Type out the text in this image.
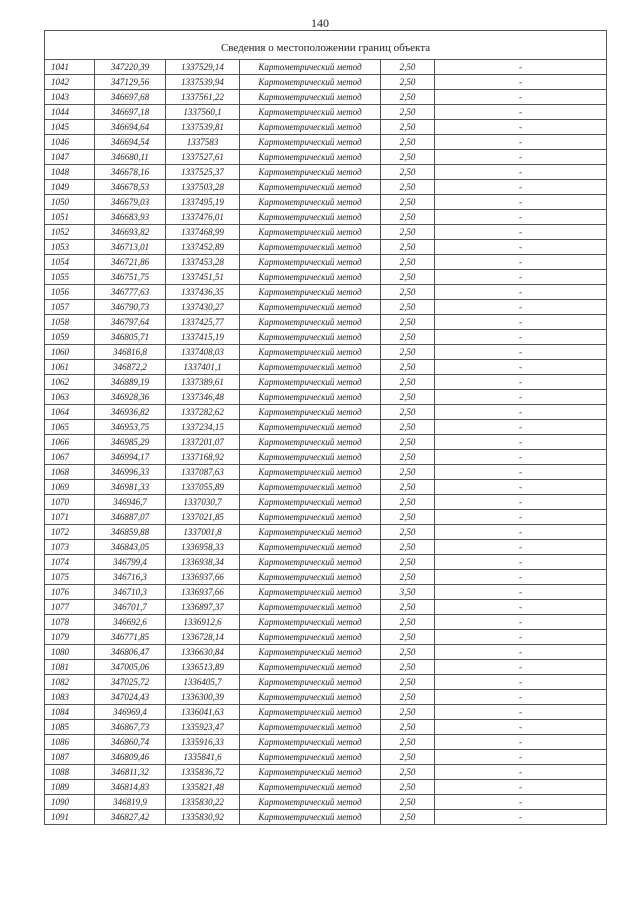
140

Сведения о местоположении границ объекта					
1041	347220,39	1337529,14	Картометрический метод	2,50	-
1042	347129,56	1337539,94	Картометрический метод	2,50	-
1043	346697,68	1337561,22	Картометрический метод	2,50	-
1044	346697,18	1337560,1	Картометрический метод	2,50	-
1045	346694,64	1337539,81	Картометрический метод	2,50	-
1046	346694,54	1337583	Картометрический метод	2,50	-
1047	346680,11	1337527,61	Картометрический метод	2,50	-
1048	346678,16	1337525,37	Картометрический метод	2,50	-
1049	346678,53	1337503,28	Картометрический метод	2,50	-
1050	346679,03	1337495,19	Картометрический метод	2,50	-
1051	346683,93	1337476,01	Картометрический метод	2,50	-
1052	346693,82	1337468,99	Картометрический метод	2,50	-
1053	346713,01	1337452,89	Картометрический метод	2,50	-
1054	346721,86	1337453,28	Картометрический метод	2,50	-
1055	346751,75	1337451,51	Картометрический метод	2,50	-
1056	346777,63	1337436,35	Картометрический метод	2,50	-
1057	346790,73	1337430,27	Картометрический метод	2,50	-
1058	346797,64	1337425,77	Картометрический метод	2,50	-
1059	346805,71	1337415,19	Картометрический метод	2,50	-
1060	346816,8	1337408,03	Картометрический метод	2,50	-
1061	346872,2	1337401,1	Картометрический метод	2,50	-
1062	346889,19	1337389,61	Картометрический метод	2,50	-
1063	346928,36	1337346,48	Картометрический метод	2,50	-
1064	346936,82	1337282,62	Картометрический метод	2,50	-
1065	346953,75	1337234,15	Картометрический метод	2,50	-
1066	346985,29	1337201,07	Картометрический метод	2,50	-
1067	346994,17	1337168,92	Картометрический метод	2,50	-
1068	346996,33	1337087,63	Картометрический метод	2,50	-
1069	346981,33	1337055,89	Картометрический метод	2,50	-
1070	346946,7	1337030,7	Картометрический метод	2,50	-
1071	346887,07	1337021,85	Картометрический метод	2,50	-
1072	346859,88	1337001,8	Картометрический метод	2,50	-
1073	346843,05	1336958,33	Картометрический метод	2,50	-
1074	346799,4	1336938,34	Картометрический метод	2,50	-
1075	346716,3	1336937,66	Картометрический метод	2,50	-
1076	346710,3	1336937,66	Картометрический метод	3,50	-
1077	346701,7	1336897,37	Картометрический метод	2,50	-
1078	346692,6	1336912,6	Картометрический метод	2,50	-
1079	346771,85	1336728,14	Картометрический метод	2,50	-
1080	346806,47	1336630,84	Картометрический метод	2,50	-
1081	347005,06	1336513,89	Картометрический метод	2,50	-
1082	347025,72	1336405,7	Картометрический метод	2,50	-
1083	347024,43	1336300,39	Картометрический метод	2,50	-
1084	346969,4	1336041,63	Картометрический метод	2,50	-
1085	346867,73	1335923,47	Картометрический метод	2,50	-
1086	346860,74	1335916,33	Картометрический метод	2,50	-
1087	346809,46	1335841,6	Картометрический метод	2,50	-
1088	346811,32	1335836,72	Картометрический метод	2,50	-
1089	346814,83	1335821,48	Картометрический метод	2,50	-
1090	346819,9	1335830,22	Картометрический метод	2,50	-
1091	346827,42	1335830,92	Картометрический метод	2,50	-
